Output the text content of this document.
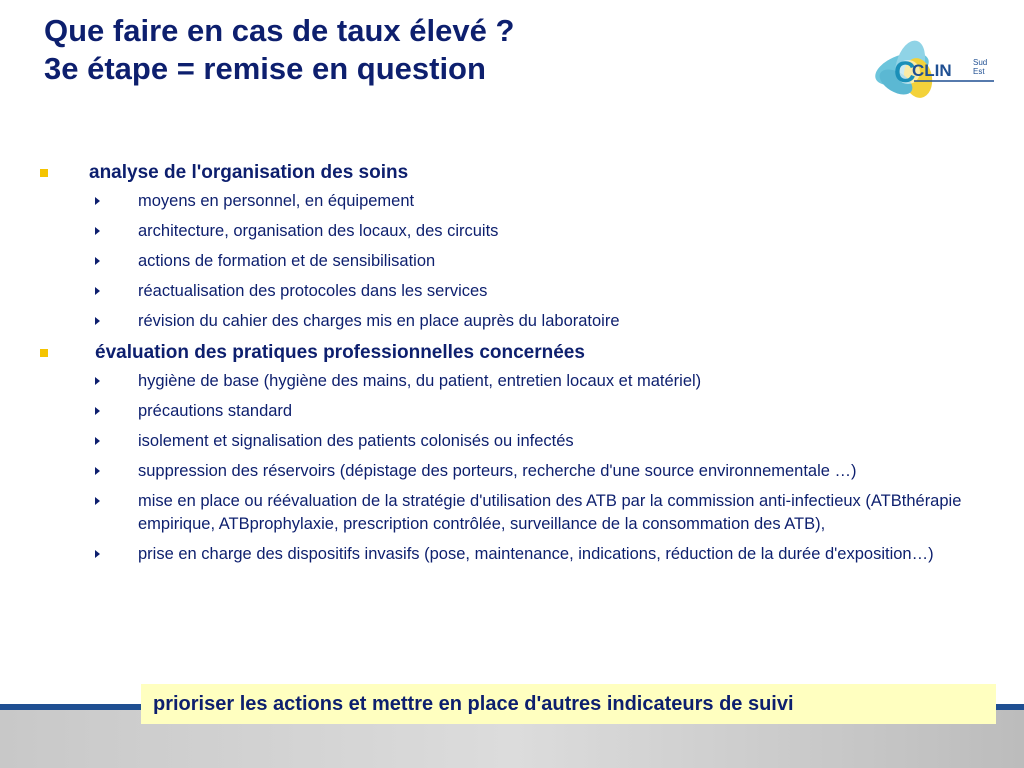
Que faire en cas de taux élevé ?
3e étape = remise en question	C
CLIN	Sud
Est
analyse de l'organisation des soins
moyens en personnel, en équipement
architecture, organisation des locaux, des circuits
actions de formation et de sensibilisation
réactualisation des protocoles dans les services
révision du cahier des charges mis en place auprès du laboratoire
évaluation des pratiques professionnelles concernées
hygiène de base (hygiène des mains, du patient, entretien locaux et matériel)
précautions standard
isolement et signalisation des patients colonisés ou infectés
suppression des réservoirs (dépistage des porteurs, recherche d'une source environnementale …)
mise en place ou réévaluation de la stratégie d'utilisation des ATB par la commission anti-infectieux (ATBthérapie empirique, ATBprophylaxie, prescription contrôlée, surveillance de la consommation des ATB),
prise en charge des dispositifs invasifs (pose, maintenance, indications, réduction de la durée d'exposition…)
prioriser les actions et mettre en place d'autres indicateurs de suivi
